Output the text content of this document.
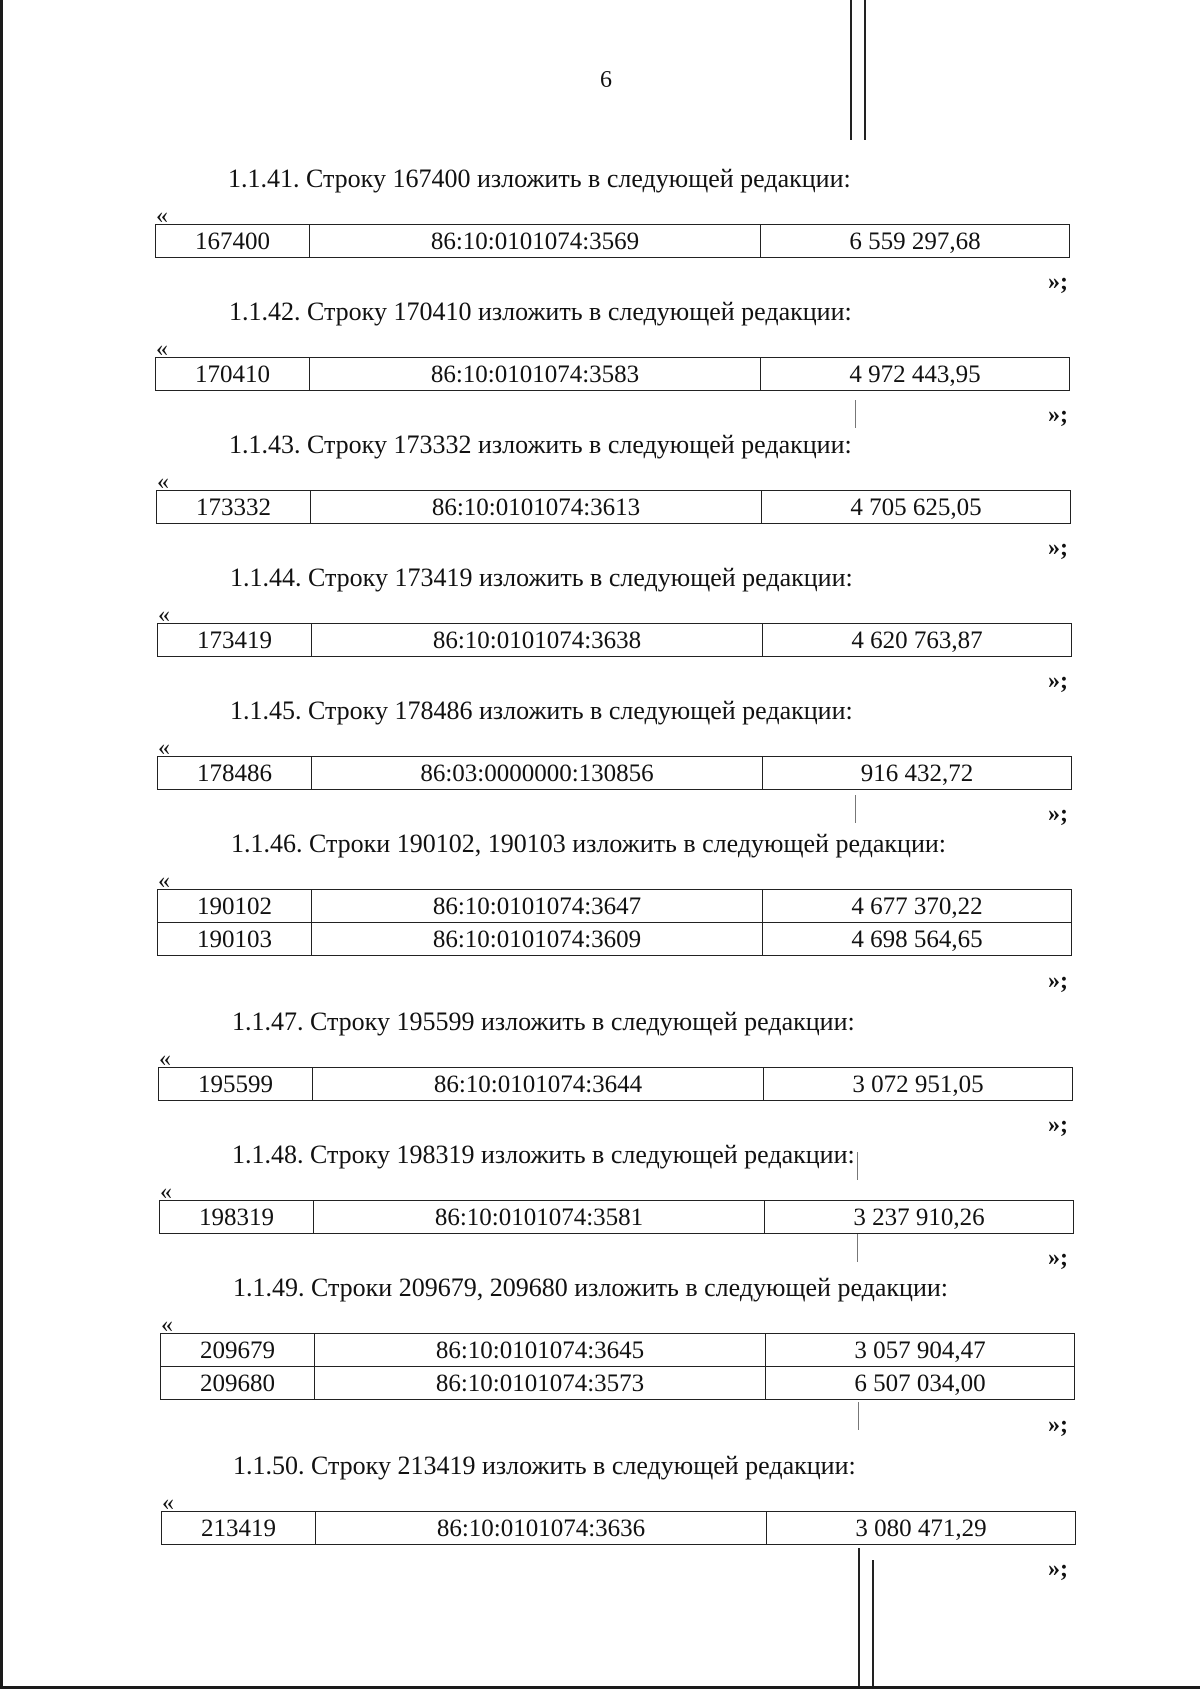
6
1.1.41. Строку 167400 изложить в следующей редакции:
«
167400	86:10:0101074:3569	6 559 297,68
»;
1.1.42. Строку 170410 изложить в следующей редакции:
«
170410	86:10:0101074:3583	4 972 443,95
»;
1.1.43. Строку 173332 изложить в следующей редакции:
«
173332	86:10:0101074:3613	4 705 625,05
»;
1.1.44. Строку 173419 изложить в следующей редакции:
«
173419	86:10:0101074:3638	4 620 763,87
»;
1.1.45. Строку 178486 изложить в следующей редакции:
«
178486	86:03:0000000:130856	916 432,72
»;
1.1.46. Строки 190102, 190103 изложить в следующей редакции:
«
190102	86:10:0101074:3647	4 677 370,22
190103	86:10:0101074:3609	4 698 564,65
»;
1.1.47. Строку 195599 изложить в следующей редакции:
«
195599	86:10:0101074:3644	3 072 951,05
»;
1.1.48. Строку 198319 изложить в следующей редакции:
«
198319	86:10:0101074:3581	3 237 910,26
»;
1.1.49. Строки 209679, 209680 изложить в следующей редакции:
«
209679	86:10:0101074:3645	3 057 904,47
209680	86:10:0101074:3573	6 507 034,00
»;
1.1.50. Строку 213419 изложить в следующей редакции:
«
213419	86:10:0101074:3636	3 080 471,29
»;
